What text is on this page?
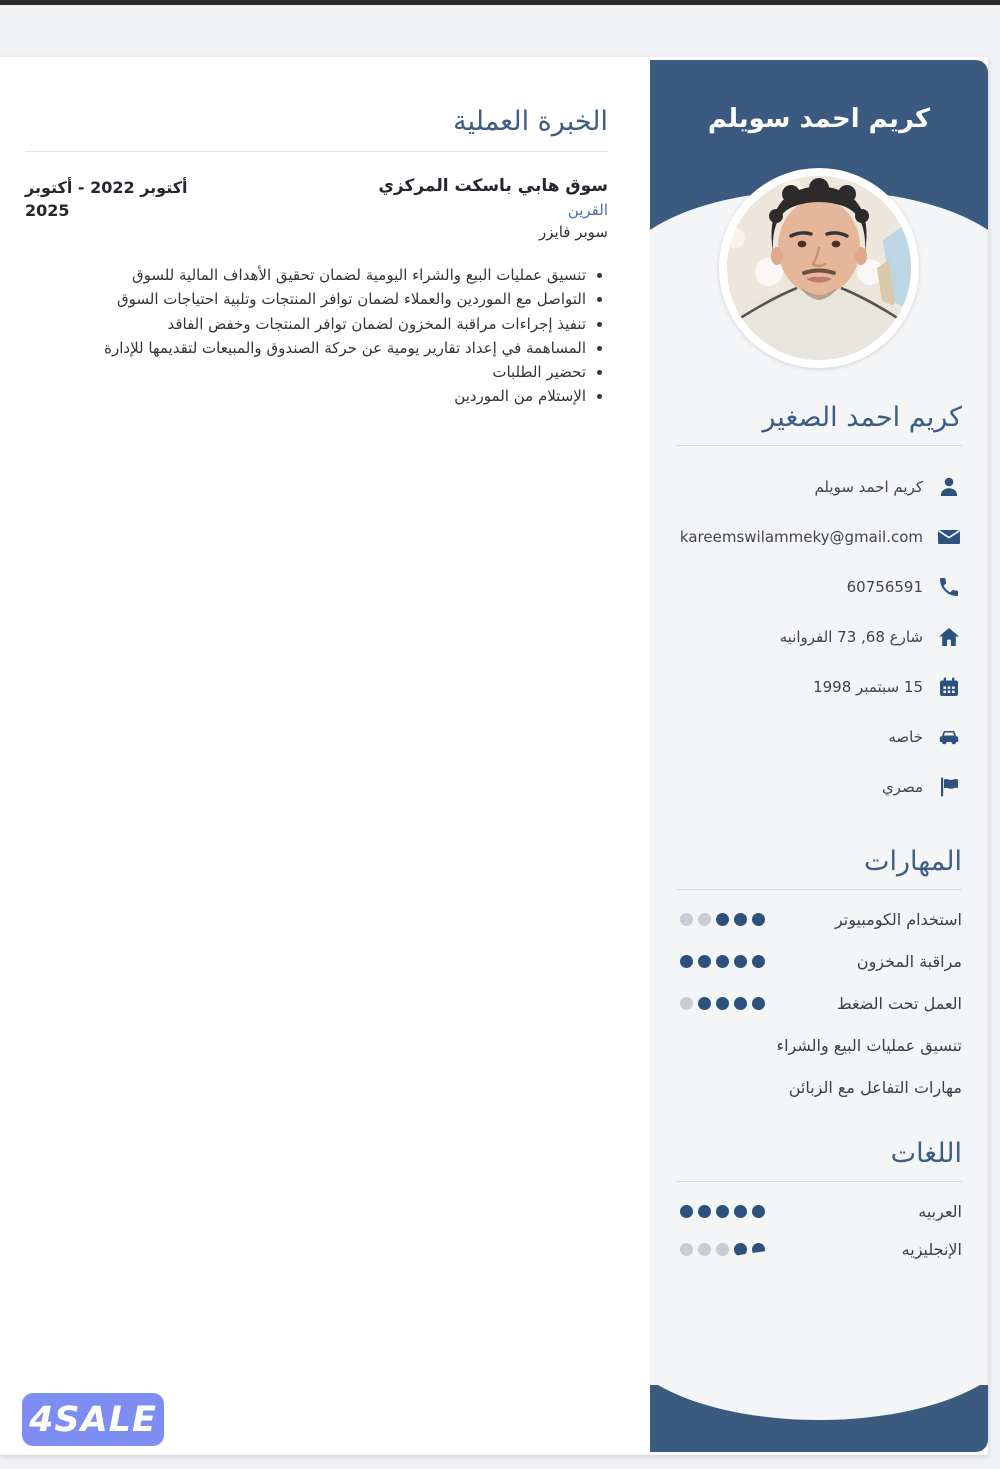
الخبرة العملية
سوق هابي باسكت المركزي
القرين
سوبر فايزر
أكتوبر 2022 - أكتوبر 2025
• تنسيق عمليات البيع والشراء اليومية لضمان تحقيق الأهداف المالية للسوق
• التواصل مع الموردين والعملاء لضمان توافر المنتجات وتلبية احتياجات السوق
• تنفيذ إجراءات مراقبة المخزون لضمان توافر المنتجات وخفض الفاقد
• المساهمة في إعداد تقارير يومية عن حركة الصندوق والمبيعات لتقديمها للإدارة
• تحضير الطلبات
• الإستلام من الموردين
كريم احمد سويلم
كريم احمد الصغير
كريم احمد سويلم
kareemswilammeky@gmail.com
60756591
شارع 68, 73 الفروانيه
15 سبتمبر 1998
خاصه
مصري
المهارات
استخدام الكومبيوتر
مراقبة المخزون
العمل تحت الضغط
تنسيق عمليات البيع والشراء
مهارات التفاعل مع الزبائن
اللغات
العربيه
الإنجليزيه
4SALE
